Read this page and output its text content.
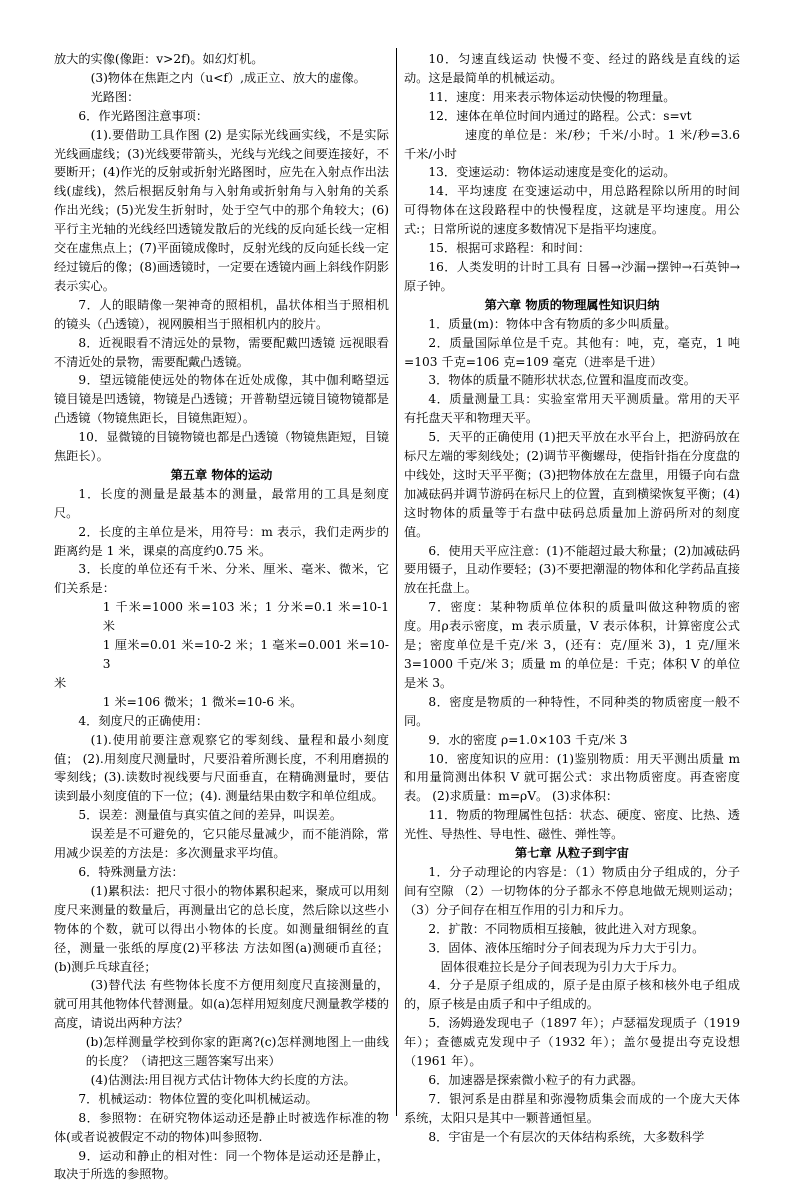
放大的实像(像距：v>2f)。如幻灯机。

(3)物体在焦距之内（u<f）,成正立、放大的虚像。

光路图：

6．作光路图注意事项：

(1).要借助工具作图 (2) 是实际光线画实线，不是实际光线画虚线；(3)光线要带箭头，光线与光线之间要连接好，不要断开；(4)作光的反射或折射光路图时，应先在入射点作出法线(虚线)，然后根据反射角与入射角或折射角与入射角的关系作出光线；(5)光发生折射时，处于空气中的那个角较大；(6)平行主光轴的光线经凹透镜发散后的光线的反向延长线一定相交在虚焦点上；(7)平面镜成像时，反射光线的反向延长线一定经过镜后的像；(8)画透镜时，一定要在透镜内画上斜线作阴影表示实心。

7．人的眼睛像一架神奇的照相机，晶状体相当于照相机的镜头（凸透镜），视网膜相当于照相机内的胶片。

8．近视眼看不清远处的景物，需要配戴凹透镜 远视眼看不清近处的景物，需要配戴凸透镜。

9．望远镜能使远处的物体在近处成像，其中伽利略望远镜目镜是凹透镜，物镜是凸透镜；开普勒望远镜目镜物镜都是凸透镜（物镜焦距长，目镜焦距短）。

10．显微镜的目镜物镜也都是凸透镜（物镜焦距短，目镜焦距长）。

第五章 物体的运动

1．长度的测量是最基本的测量，最常用的工具是刻度尺。

2．长度的主单位是米，用符号：m 表示，我们走两步的距离约是 1 米，课桌的高度约0.75 米。

3．长度的单位还有千米、分米、厘米、毫米、微米，它们关系是：

1 千米=1000 米=103 米；1 分米=0.1 米=10-1 米

1 厘米=0.01 米=10-2 米；1 毫米=0.001 米=10-3

米

1 米=106 微米；1 微米=10-6 米。

4．刻度尺的正确使用：

(1).使用前要注意观察它的零刻线、量程和最小刻度值； (2).用刻度尺测量时，尺要沿着所测长度，不利用磨损的零刻线；(3).读数时视线要与尺面垂直，在精确测量时，要估读到最小刻度值的下一位；(4). 测量结果由数字和单位组成。

5．误差：测量值与真实值之间的差异，叫误差。

误差是不可避免的，它只能尽量减少，而不能消除，常用减少误差的方法是：多次测量求平均值。

6．特殊测量方法：

(1)累积法：把尺寸很小的物体累积起来，聚成可以用刻度尺来测量的数量后，再测量出它的总长度，然后除以这些小物体的个数，就可以得出小物体的长度。如测量细铜丝的直径，测量一张纸的厚度(2)平移法 方法如图(a)测硬币直径； (b)测乒乓球直径；

(3)替代法 有些物体长度不方便用刻度尺直接测量的，就可用其他物体代替测量。如(a)怎样用短刻度尺测量教学楼的高度，请说出两种方法？

(b)怎样测量学校到你家的距离?(c)怎样测地图上一曲线的长度？（请把这三题答案写出来）

(4)估测法:用目视方式估计物体大约长度的方法。

7．机械运动：物体位置的变化叫机械运动。

8．参照物：在研究物体运动还是静止时被选作标准的物体(或者说被假定不动的物体)叫参照物.

9．运动和静止的相对性：同一个物体是运动还是静止，取决于所选的参照物。

10．匀速直线运动 快慢不变、经过的路线是直线的运动。这是最简单的机械运动。

11．速度：用来表示物体运动快慢的物理量。

12．速体在单位时间内通过的路程。公式：s=vt

速度的单位是：米/秒；千米/小时。1 米/秒=3.6 千米/小时

13．变速运动：物体运动速度是变化的运动。

14．平均速度 在变速运动中，用总路程除以所用的时间可得物体在这段路程中的快慢程度，这就是平均速度。用公式:；日常所说的速度多数情况下是指平均速度。

15．根据可求路程：和时间：

16．人类发明的计时工具有 日晷→沙漏→摆钟→石英钟→原子钟。

第六章 物质的物理属性知识归纳

1．质量(m)：物体中含有物质的多少叫质量。

2．质量国际单位是千克。其他有：吨，克，毫克，1 吨=103 千克=106 克=109 毫克（进率是千进）

3．物体的质量不随形状状态,位置和温度而改变。

4．质量测量工具：实验室常用天平测质量。常用的天平有托盘天平和物理天平。

5．天平的正确使用 (1)把天平放在水平台上，把游码放在标尺左端的零刻线处；(2)调节平衡螺母，使指针指在分度盘的中线处，这时天平平衡；(3)把物体放在左盘里，用镊子向右盘加减砝码并调节游码在标尺上的位置，直到横梁恢复平衡；(4)这时物体的质量等于右盘中砝码总质量加上游码所对的刻度值。

6．使用天平应注意：(1)不能超过最大称量；(2)加减砝码要用镊子，且动作要轻；(3)不要把潮湿的物体和化学药品直接放在托盘上。

7．密度：某种物质单位体积的质量叫做这种物质的密度。用ρ表示密度，m 表示质量，V 表示体积，计算密度公式是；密度单位是千克/米 3，(还有：克/厘米 3)，1 克/厘米 3=1000 千克/米 3；质量 m 的单位是：千克；体积 V 的单位是米 3。

8．密度是物质的一种特性，不同种类的物质密度一般不同。

9．水的密度 ρ=1.0×103 千克/米 3

10．密度知识的应用：(1)鉴别物质：用天平测出质量 m 和用量筒测出体积 V 就可据公式：求出物质密度。再查密度表。 (2)求质量：m=ρV。 (3)求体积：

11．物质的物理属性包括：状态、硬度、密度、比热、透光性、导热性、导电性、磁性、弹性等。

第七章 从粒子到宇宙

1．分子动理论的内容是：（1）物质由分子组成的，分子间有空隙 （2）一切物体的分子都永不停息地做无规则运动；（3）分子间存在相互作用的引力和斥力。

2．扩散：不同物质相互接触，彼此进入对方现象。

3．固体、液体压缩时分子间表现为斥力大于引力。

固体很难拉长是分子间表现为引力大于斥力。

4．分子是原子组成的，原子是由原子核和核外电子组成的，原子核是由质子和中子组成的。

5．汤姆逊发现电子（1897 年）；卢瑟福发现质子（1919 年）；查德威克发现中子（1932 年）；盖尔曼提出夸克设想（1961 年）。

6．加速器是探索微小粒子的有力武器。

7．银河系是由群星和弥漫物质集会而成的一个庞大天体系统，太阳只是其中一颗普通恒星。

8．宇宙是一个有层次的天体结构系统，大多数科学
